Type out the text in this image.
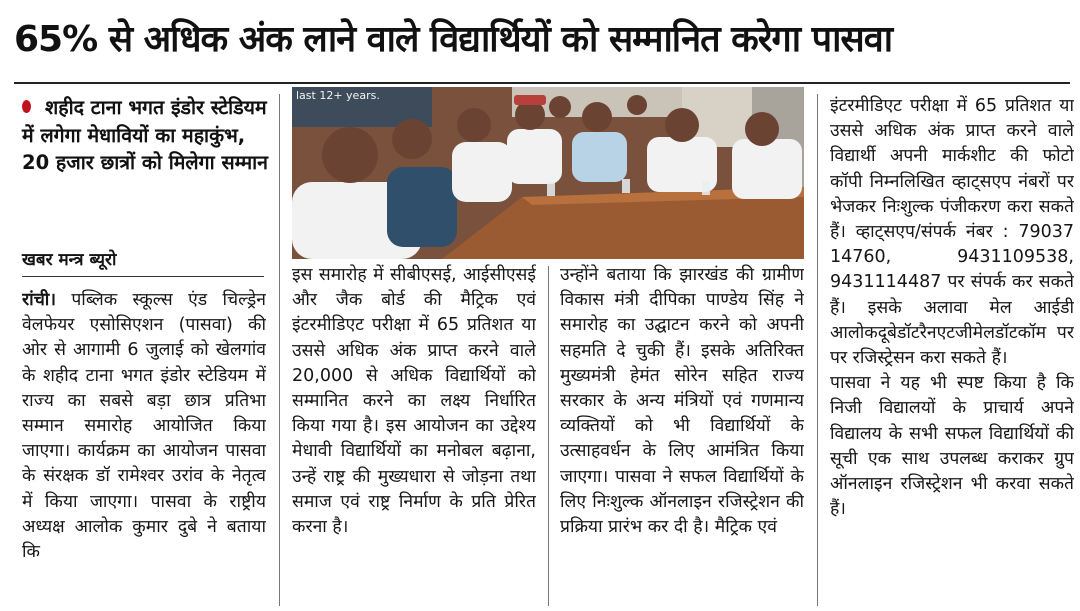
65% से अधिक अंक लाने वाले विद्यार्थियों को सम्मानित करेगा पासवा
शहीद टाना भगत इंडोर स्टेडियम में लगेगा मेधावियों का महाकुंभ, 20 हजार छात्रों को मिलेगा सम्मान
खबर मन्त्र ब्यूरो
last 12+ years.
रांची। पब्लिक स्कूल्स एंड चिल्ड्रेन वेलफेयर एसोसिएशन (पासवा) की ओर से आगामी 6 जुलाई को खेलगांव के शहीद टाना भगत इंडोर स्टेडियम में राज्य का सबसे बड़ा छात्र प्रतिभा सम्मान समारोह आयोजित किया जाएगा। कार्यक्रम का आयोजन पासवा के संरक्षक डॉ रामेश्वर उरांव के नेतृत्व में किया जाएगा। पासवा के राष्ट्रीय अध्यक्ष आलोक कुमार दुबे ने बताया कि
इस समारोह में सीबीएसई, आईसीएसई और जैक बोर्ड की मैट्रिक एवं इंटरमीडिएट परीक्षा में 65 प्रतिशत या उससे अधिक अंक प्राप्त करने वाले 20,000 से अधिक विद्यार्थियों को सम्मानित करने का लक्ष्य निर्धारित किया गया है। इस आयोजन का उद्देश्य मेधावी विद्यार्थियों का मनोबल बढ़ाना, उन्हें राष्ट्र की मुख्यधारा से जोड़ना तथा समाज एवं राष्ट्र निर्माण के प्रति प्रेरित करना है।
उन्होंने बताया कि झारखंड की ग्रामीण विकास मंत्री दीपिका पाण्डेय सिंह ने समारोह का उद्घाटन करने को अपनी सहमति दे चुकी हैं। इसके अतिरिक्त मुख्यमंत्री हेमंत सोरेन सहित राज्य सरकार के अन्य मंत्रियों एवं गणमान्य व्यक्तियों को भी विद्यार्थियों के उत्साहवर्धन के लिए आमंत्रित किया जाएगा। पासवा ने सफल विद्यार्थियों के लिए निःशुल्क ऑनलाइन रजिस्ट्रेशन की प्रक्रिया प्रारंभ कर दी है। मैट्रिक एवं

इंटरमीडिएट परीक्षा में 65 प्रतिशत या उससे अधिक अंक प्राप्त करने वाले विद्यार्थी अपनी मार्कशीट की फोटो कॉपी निम्नलिखित व्हाट्सएप नंबरों पर भेजकर निःशुल्क पंजीकरण करा सकते हैं। व्हाट्सएप/संपर्क नंबर : 79037 14760, 9431109538, 9431114487 पर संपर्क कर सकते हैं। इसके अलावा मेल आईडी आलोकदूबेडॉटरैनएटजीमेलडॉटकॉम पर पर रजिस्ट्रेसन करा सकते हैं।

पासवा ने यह भी स्पष्ट किया है कि निजी विद्यालयों के प्राचार्य अपने विद्यालय के सभी सफल विद्यार्थियों की सूची एक साथ उपलब्ध कराकर ग्रुप ऑनलाइन रजिस्ट्रेशन भी करवा सकते हैं।
